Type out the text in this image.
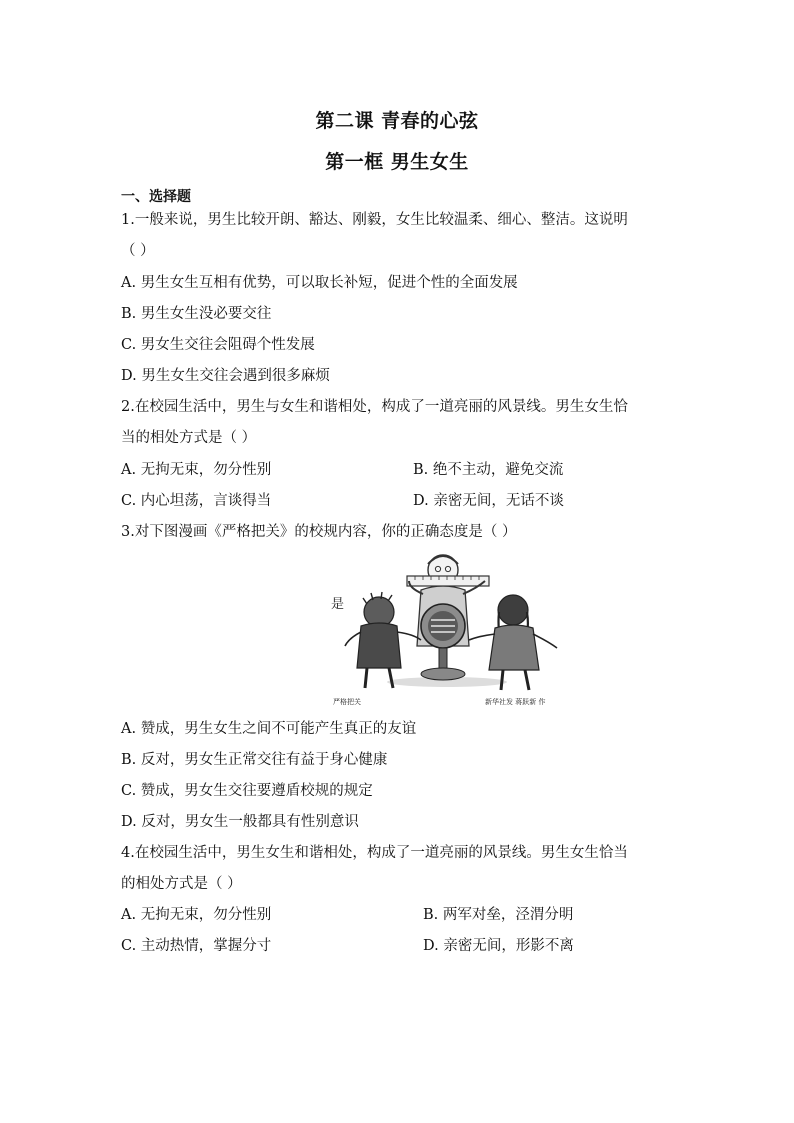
第二课 青春的心弦
第一框 男生女生
一、选择题
1.一般来说，男生比较开朗、豁达、刚毅，女生比较温柔、细心、整洁。这说明
（ ）
A. 男生女生互相有优势，可以取长补短，促进个性的全面发展
B. 男生女生没必要交往
C. 男女生交往会阻碍个性发展
D. 男生女生交往会遇到很多麻烦
2.在校园生活中，男生与女生和谐相处，构成了一道亮丽的风景线。男生女生恰
当的相处方式是（ ）
A. 无拘无束，勿分性别	B. 绝不主动，避免交流
C. 内心坦荡，言谈得当	D. 亲密无间，无话不谈
3.对下图漫画《严格把关》的校规内容，你的正确态度是（ ）
是
严格把关	新华社发 蒋跃新 作
A. 赞成，男生女生之间不可能产生真正的友谊
B. 反对，男女生正常交往有益于身心健康
C. 赞成，男女生交往要遵盾校规的规定
D. 反对，男女生一般都具有性别意识
4.在校园生活中，男生女生和谐相处，构成了一道亮丽的风景线。男生女生恰当
的相处方式是（ ）
A. 无拘无束，勿分性别	B. 两军对垒，泾渭分明
C. 主动热情，掌握分寸	D. 亲密无间，形影不离
